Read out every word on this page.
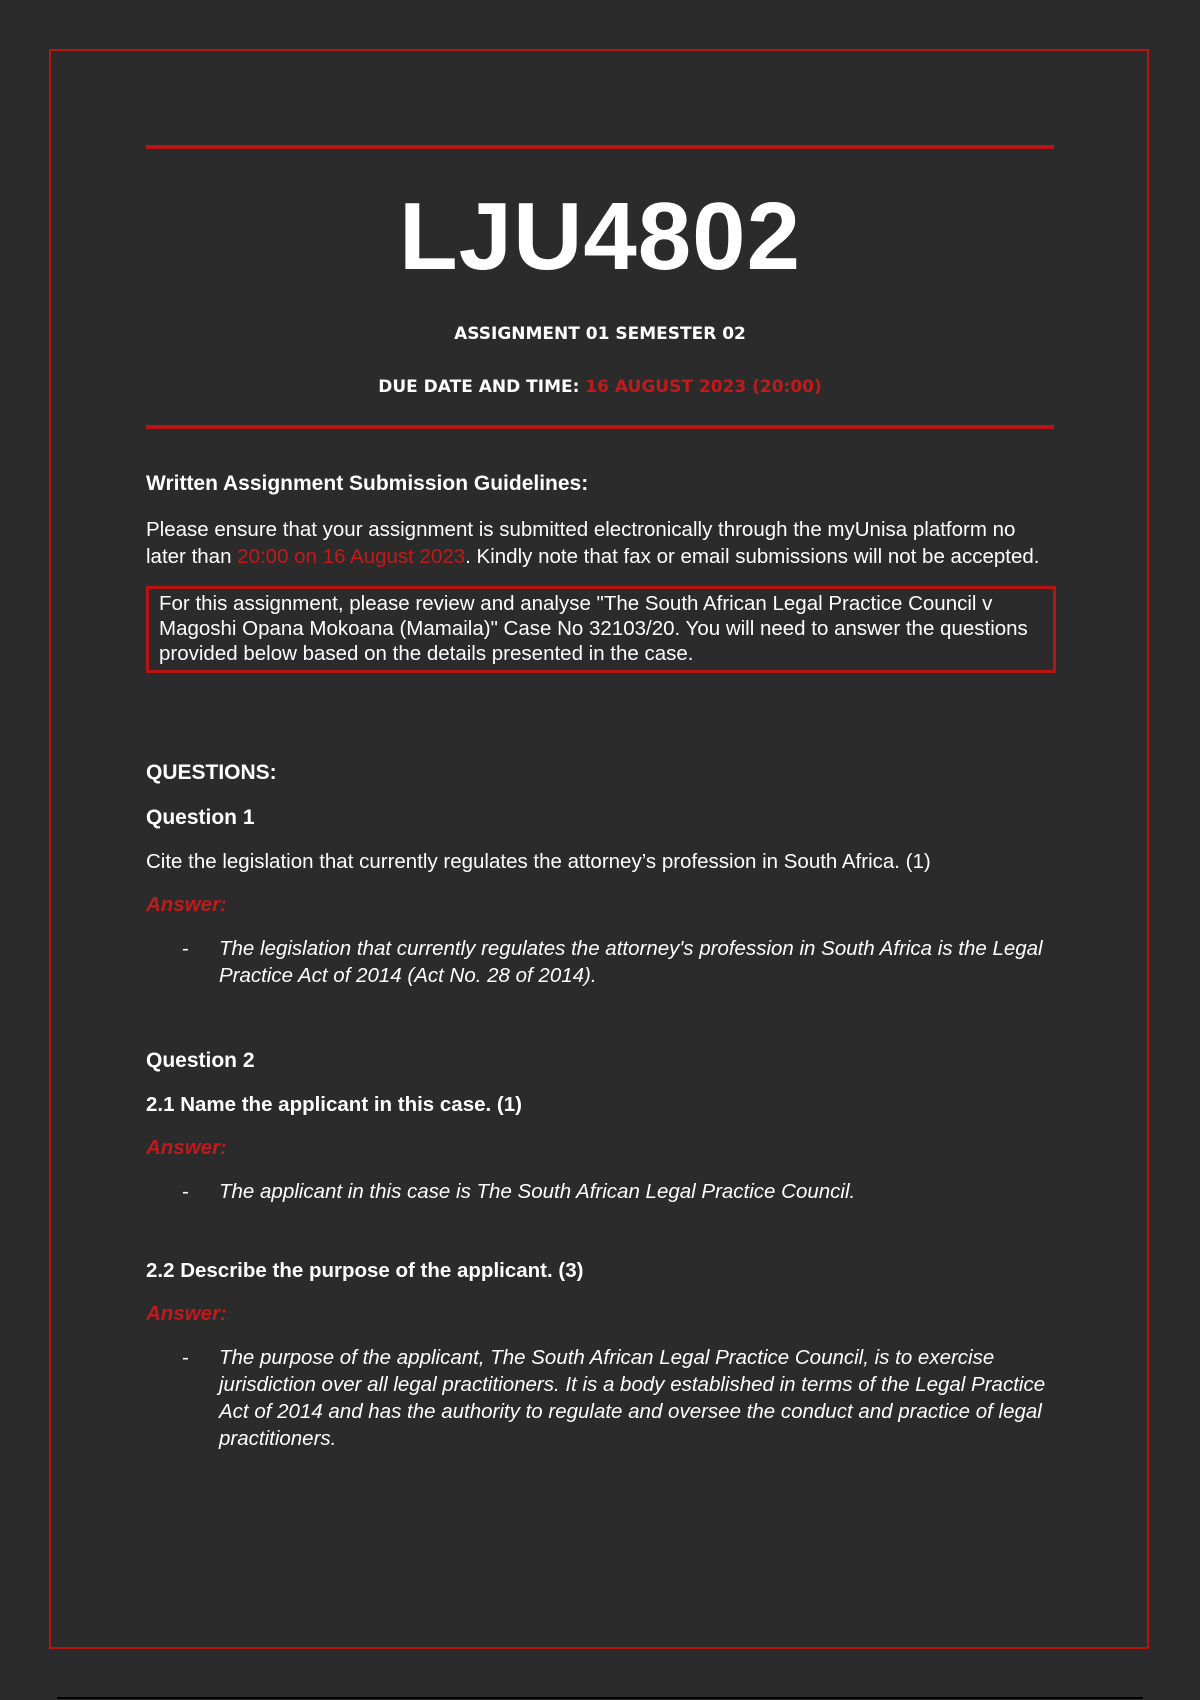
LJU4802
ASSIGNMENT 01 SEMESTER 02
DUE DATE AND TIME: 16 AUGUST 2023 (20:00)
Written Assignment Submission Guidelines:
Please ensure that your assignment is submitted electronically through the myUnisa platform no later than 20:00 on 16 August 2023. Kindly note that fax or email submissions will not be accepted.
For this assignment, please review and analyse "The South African Legal Practice Council v Magoshi Opana Mokoana (Mamaila)" Case No 32103/20. You will need to answer the questions provided below based on the details presented in the case.
QUESTIONS:
Question 1
Cite the legislation that currently regulates the attorney’s profession in South Africa. (1)
Answer:
- The legislation that currently regulates the attorney's profession in South Africa is the Legal Practice Act of 2014 (Act No. 28 of 2014).
Question 2
2.1 Name the applicant in this case. (1)
Answer:
- The applicant in this case is The South African Legal Practice Council.
2.2 Describe the purpose of the applicant. (3)
Answer:
- The purpose of the applicant, The South African Legal Practice Council, is to exercise jurisdiction over all legal practitioners. It is a body established in terms of the Legal Practice Act of 2014 and has the authority to regulate and oversee the conduct and practice of legal practitioners.
